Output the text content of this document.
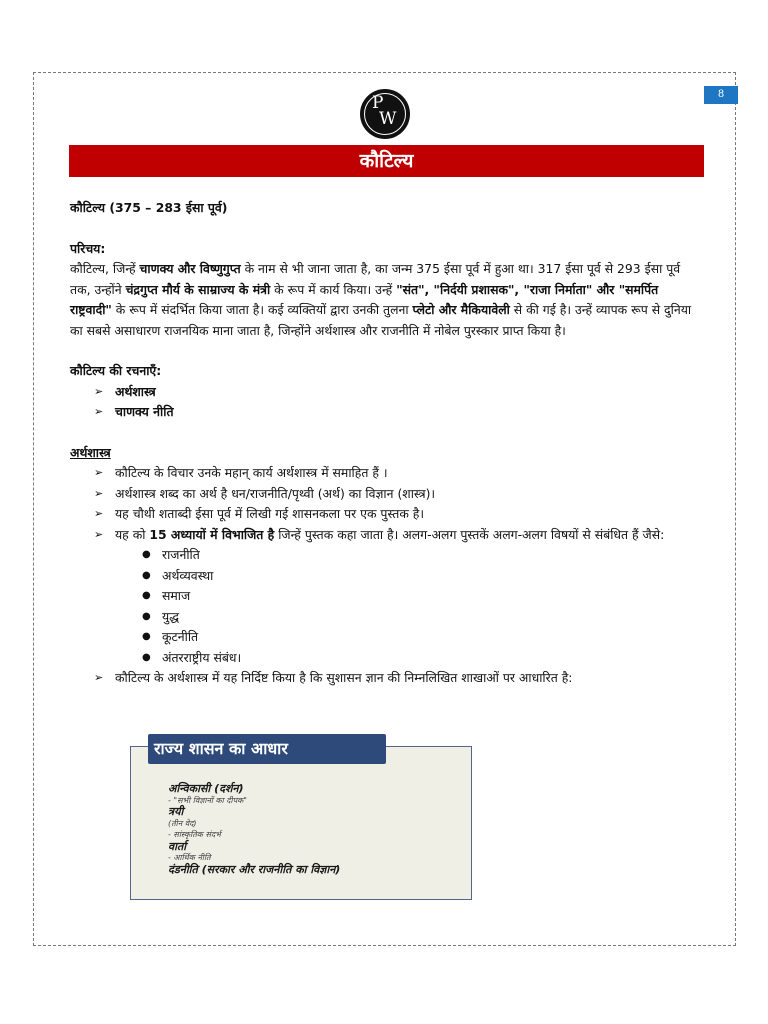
8
P
W
कौटिल्य

कौटिल्य (375 – 283 ईसा पूर्व)

परिचय:

कौटिल्य, जिन्हें चाणक्य और विष्णुगुप्त के नाम से भी जाना जाता है, का जन्म 375 ईसा पूर्व में हुआ था। 317 ईसा पूर्व से 293 ईसा पूर्व तक, उन्होंने चंद्रगुप्त मौर्य के साम्राज्य के मंत्री के रूप में कार्य किया। उन्हें "संत", "निर्दयी प्रशासक", "राजा निर्माता" और "समर्पित राष्ट्रवादी" के रूप में संदर्भित किया जाता है। कई व्यक्तियों द्वारा उनकी तुलना प्लेटो और मैकियावेली से की गई है। उन्हें व्यापक रूप से दुनिया का सबसे असाधारण राजनयिक माना जाता है, जिन्होंने अर्थशास्त्र और राजनीति में नोबेल पुरस्कार प्राप्त किया है।

कौटिल्य की रचनाएँ:

➢ अर्थशास्त्र
➢ चाणक्य नीति

अर्थशास्त्र

➢ कौटिल्य के विचार उनके महान् कार्य अर्थशास्त्र में समाहित हैं ।
➢ अर्थशास्त्र शब्द का अर्थ है धन/राजनीति/पृथ्वी (अर्थ) का विज्ञान (शास्त्र)।
➢ यह चौथी शताब्दी ईसा पूर्व में लिखी गई शासनकला पर एक पुस्तक है।
➢ यह को 15 अध्यायों में विभाजित है जिन्हें पुस्तक कहा जाता है। अलग-अलग पुस्तकें अलग-अलग विषयों से संबंधित हैं जैसे:
● राजनीति
● अर्थव्यवस्था
● समाज
● युद्ध
● कूटनीति
● अंतरराष्ट्रीय संबंध।
➢ कौटिल्य के अर्थशास्त्र में यह निर्दिष्ट किया है कि सुशासन ज्ञान की निम्नलिखित शाखाओं पर आधारित है:
राज्य शासन का आधार
अन्विकासी (दर्शन)
- "सभी विज्ञानों का दीपक"
त्रयी
(तीन वेद)
- सांस्कृतिक संदर्भ
वार्ता
- आर्थिक नीति
दंडनीति (सरकार और राजनीति का विज्ञान)
